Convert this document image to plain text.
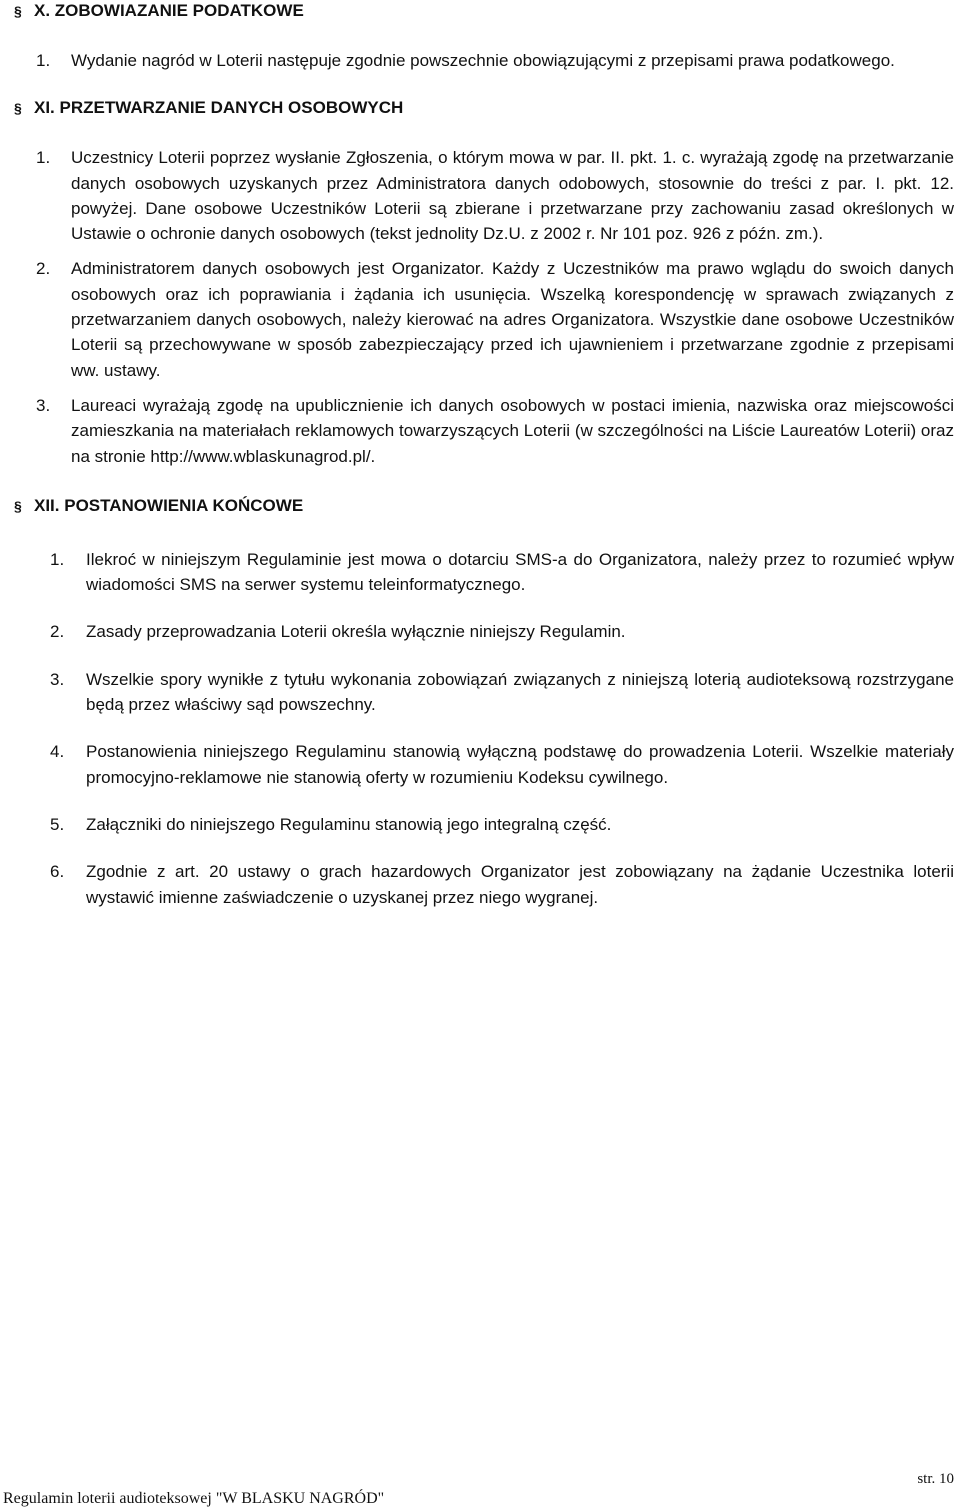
§ X. ZOBOWIAZANIE PODATKOWE
1.	Wydanie nagród w Loterii następuje zgodnie powszechnie obowiązującymi z przepisami prawa podatkowego.
§ XI. PRZETWARZANIE DANYCH OSOBOWYCH
1.	Uczestnicy Loterii poprzez wysłanie Zgłoszenia, o którym mowa w par. II. pkt. 1. c. wyrażają zgodę na przetwarzanie danych osobowych uzyskanych przez Administratora danych odobowych, stosownie do treści z par. I. pkt. 12. powyżej. Dane osobowe Uczestników Loterii są zbierane i przetwarzane przy zachowaniu zasad określonych w Ustawie o ochronie danych osobowych (tekst jednolity Dz.U. z 2002 r. Nr 101 poz. 926 z późn. zm.).
2.	Administratorem danych osobowych jest Organizator. Każdy z Uczestników ma prawo wglądu do swoich danych osobowych oraz ich poprawiania i żądania ich usunięcia. Wszelką korespondencję w sprawach związanych z przetwarzaniem danych osobowych, należy kierować na adres Organizatora. Wszystkie dane osobowe Uczestników Loterii są przechowywane w sposób zabezpieczający przed ich ujawnieniem i przetwarzane zgodnie z przepisami ww. ustawy.
3.	Laureaci wyrażają zgodę na upublicznienie ich danych osobowych w postaci imienia, nazwiska oraz miejscowości zamieszkania na materiałach reklamowych towarzyszących Loterii (w szczególności na Liście Laureatów Loterii) oraz na stronie http://www.wblaskunagrod.pl/.
§ XII. POSTANOWIENIA KOŃCOWE
1.	Ilekroć w niniejszym Regulaminie jest mowa o dotarciu SMS-a do Organizatora, należy przez to rozumieć wpływ wiadomości SMS na serwer systemu teleinformatycznego.
2.	Zasady przeprowadzania Loterii określa wyłącznie niniejszy Regulamin.
3.	Wszelkie spory wynikłe z tytułu wykonania zobowiązań związanych z niniejszą loterią audioteksową rozstrzygane będą przez właściwy sąd powszechny.
4.	Postanowienia niniejszego Regulaminu stanowią wyłączną podstawę do prowadzenia Loterii. Wszelkie materiały promocyjno-reklamowe nie stanowią oferty w rozumieniu Kodeksu cywilnego.
5.	Załączniki do niniejszego Regulaminu stanowią jego integralną część.
6.	Zgodnie z art. 20 ustawy o grach hazardowych Organizator jest zobowiązany na żądanie Uczestnika loterii wystawić imienne zaświadczenie o uzyskanej przez niego wygranej.
str. 10
Regulamin loterii audioteksowej "W BLASKU NAGRÓD"
